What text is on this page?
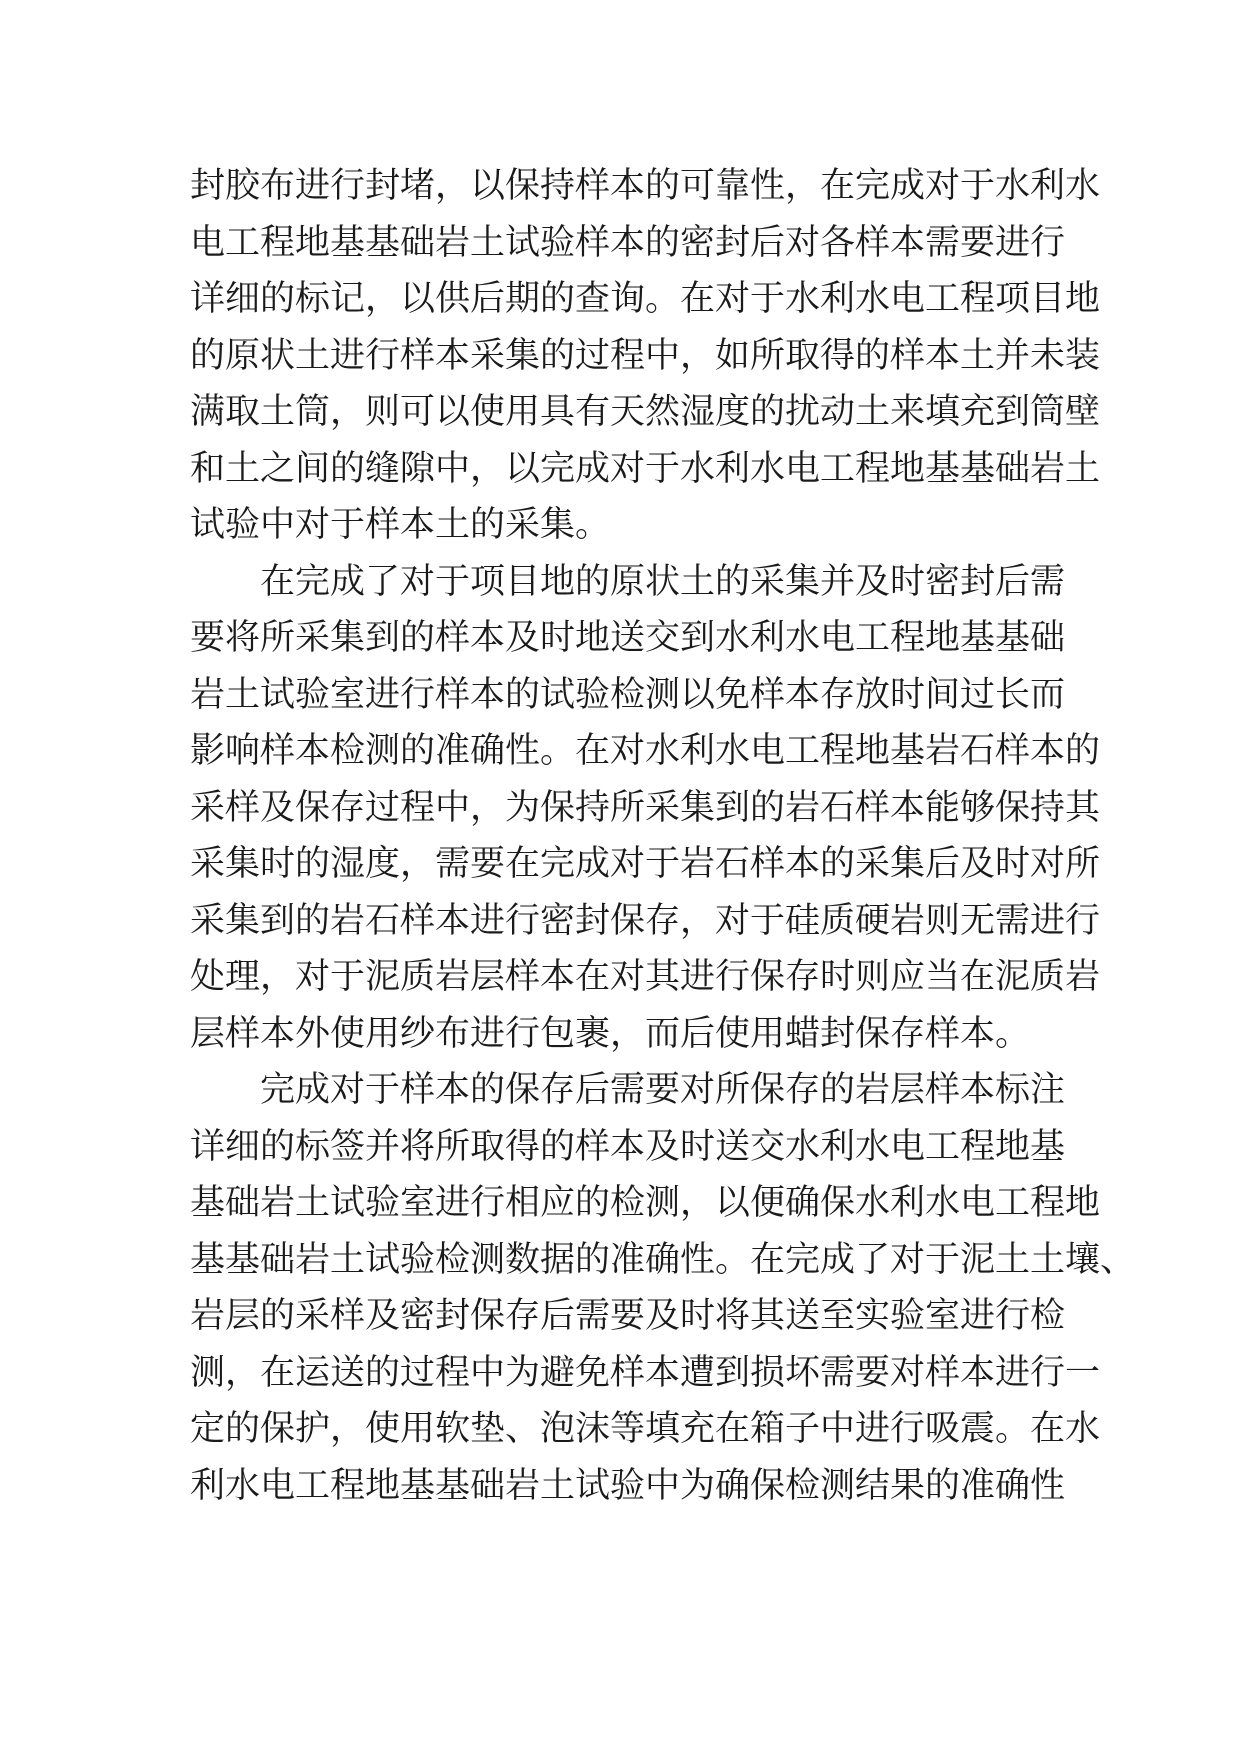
封胶布进行封堵，以保持样本的可靠性，在完成对于水利水
电工程地基基础岩土试验样本的密封后对各样本需要进行
详细的标记，以供后期的查询。在对于水利水电工程项目地
的原状土进行样本采集的过程中，如所取得的样本土并未装
满取土筒，则可以使用具有天然湿度的扰动土来填充到筒壁
和土之间的缝隙中，以完成对于水利水电工程地基基础岩土
试验中对于样本土的采集。
在完成了对于项目地的原状土的采集并及时密封后需
要将所采集到的样本及时地送交到水利水电工程地基基础
岩土试验室进行样本的试验检测以免样本存放时间过长而
影响样本检测的准确性。在对水利水电工程地基岩石样本的
采样及保存过程中，为保持所采集到的岩石样本能够保持其
采集时的湿度，需要在完成对于岩石样本的采集后及时对所
采集到的岩石样本进行密封保存，对于硅质硬岩则无需进行
处理，对于泥质岩层样本在对其进行保存时则应当在泥质岩
层样本外使用纱布进行包裹，而后使用蜡封保存样本。
完成对于样本的保存后需要对所保存的岩层样本标注
详细的标签并将所取得的样本及时送交水利水电工程地基
基础岩土试验室进行相应的检测，以便确保水利水电工程地
基基础岩土试验检测数据的准确性。在完成了对于泥土土壤、
岩层的采样及密封保存后需要及时将其送至实验室进行检
测，在运送的过程中为避免样本遭到损坏需要对样本进行一
定的保护，使用软垫、泡沫等填充在箱子中进行吸震。在水
利水电工程地基基础岩土试验中为确保检测结果的准确性
